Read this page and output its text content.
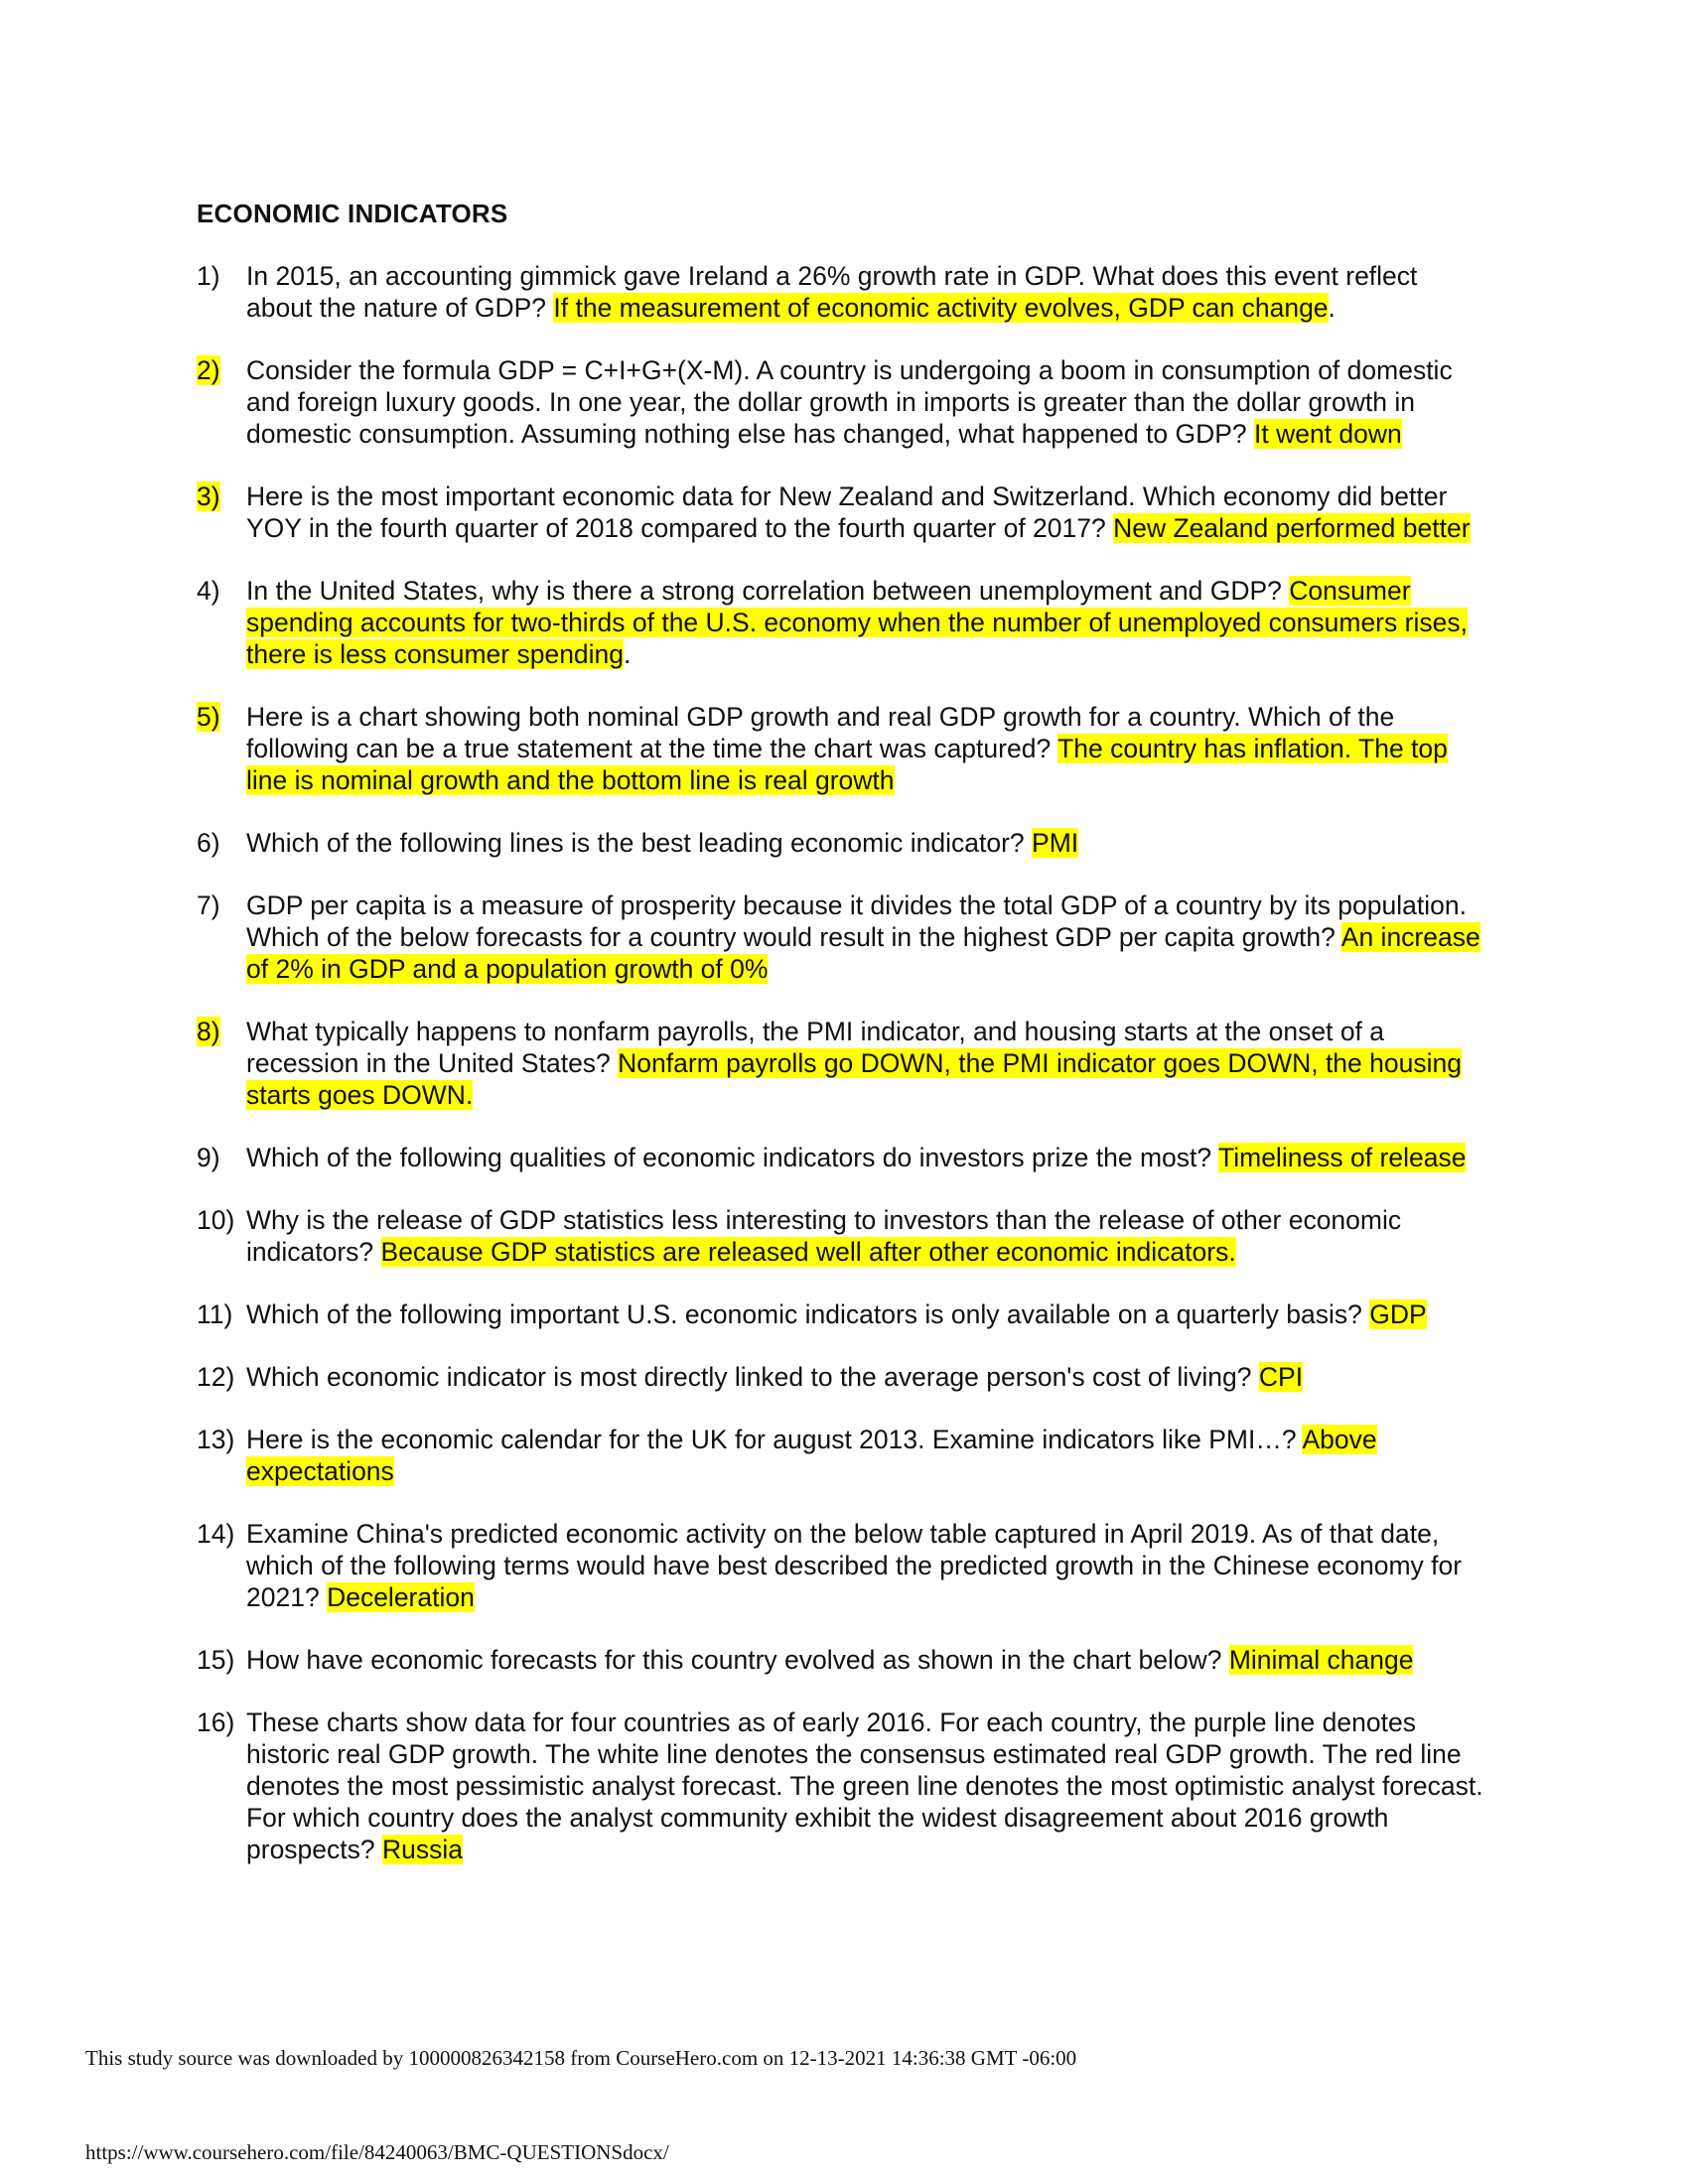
ECONOMIC INDICATORS
1) In 2015, an accounting gimmick gave Ireland a 26% growth rate in GDP. What does this event reflect about the nature of GDP? If the measurement of economic activity evolves, GDP can change.
2) Consider the formula GDP = C+I+G+(X-M). A country is undergoing a boom in consumption of domestic and foreign luxury goods. In one year, the dollar growth in imports is greater than the dollar growth in domestic consumption. Assuming nothing else has changed, what happened to GDP? It went down
3) Here is the most important economic data for New Zealand and Switzerland. Which economy did better YOY in the fourth quarter of 2018 compared to the fourth quarter of 2017? New Zealand performed better
4) In the United States, why is there a strong correlation between unemployment and GDP? Consumer spending accounts for two-thirds of the U.S. economy when the number of unemployed consumers rises, there is less consumer spending.
5) Here is a chart showing both nominal GDP growth and real GDP growth for a country. Which of the following can be a true statement at the time the chart was captured? The country has inflation. The top line is nominal growth and the bottom line is real growth
6) Which of the following lines is the best leading economic indicator? PMI
7) GDP per capita is a measure of prosperity because it divides the total GDP of a country by its population. Which of the below forecasts for a country would result in the highest GDP per capita growth? An increase of 2% in GDP and a population growth of 0%
8) What typically happens to nonfarm payrolls, the PMI indicator, and housing starts at the onset of a recession in the United States? Nonfarm payrolls go DOWN, the PMI indicator goes DOWN, the housing starts goes DOWN.
9) Which of the following qualities of economic indicators do investors prize the most? Timeliness of release
10) Why is the release of GDP statistics less interesting to investors than the release of other economic indicators? Because GDP statistics are released well after other economic indicators.
11) Which of the following important U.S. economic indicators is only available on a quarterly basis? GDP
12) Which economic indicator is most directly linked to the average person's cost of living? CPI
13) Here is the economic calendar for the UK for august 2013. Examine indicators like PMI…? Above expectations
14) Examine China's predicted economic activity on the below table captured in April 2019. As of that date, which of the following terms would have best described the predicted growth in the Chinese economy for 2021? Deceleration
15) How have economic forecasts for this country evolved as shown in the chart below? Minimal change
16) These charts show data for four countries as of early 2016. For each country, the purple line denotes historic real GDP growth. The white line denotes the consensus estimated real GDP growth. The red line denotes the most pessimistic analyst forecast. The green line denotes the most optimistic analyst forecast. For which country does the analyst community exhibit the widest disagreement about 2016 growth prospects? Russia
This study source was downloaded by 100000826342158 from CourseHero.com on 12-13-2021 14:36:38 GMT -06:00
https://www.coursehero.com/file/84240063/BMC-QUESTIONSdocx/
